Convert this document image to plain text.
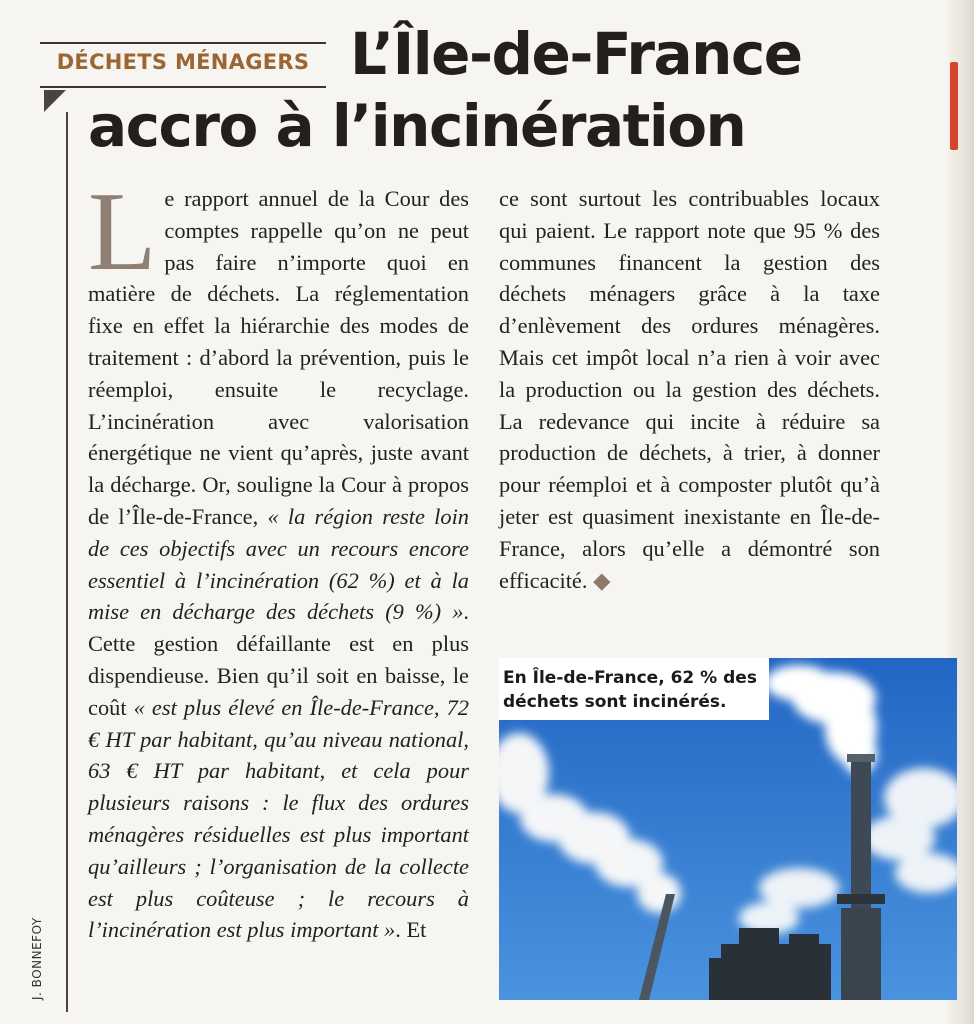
DÉCHETS MÉNAGERS L’Île-de-France
accro à l’incinération
Le rapport annuel de la Cour des comptes rappelle qu’on ne peut pas faire n’importe quoi en matière de déchets. La réglementation fixe en effet la hiérarchie des modes de traitement : d’abord la prévention, puis le réemploi, ensuite le recyclage. L’incinération avec valorisation énergétique ne vient qu’après, juste avant la décharge. Or, souligne la Cour à propos de l’Île-de-France, « la région reste loin de ces objectifs avec un recours encore essentiel à l’incinération (62 %) et à la mise en décharge des déchets (9 %) ». Cette gestion défaillante est en plus dispendieuse. Bien qu’il soit en baisse, le coût « est plus élevé en Île-de-France, 72 € HT par habitant, qu’au niveau national, 63 € HT par habitant, et cela pour plusieurs raisons : le flux des ordures ménagères résiduelles est plus important qu’ailleurs ; l’organisation de la collecte est plus coûteuse ; le recours à l’incinération est plus important ». Et
ce sont surtout les contribuables locaux qui paient. Le rapport note que 95 % des communes financent la gestion des déchets ménagers grâce à la taxe d’enlèvement des ordures ménagères. Mais cet impôt local n’a rien à voir avec la production ou la gestion des déchets. La redevance qui incite à réduire sa production de déchets, à trier, à donner pour réemploi et à composter plutôt qu’à jeter est quasiment inexistante en Île-de-France, alors qu’elle a démontré son efficacité. ◆
En Île-de-France, 62 % des déchets sont incinérés.
J. BONNEFOY
